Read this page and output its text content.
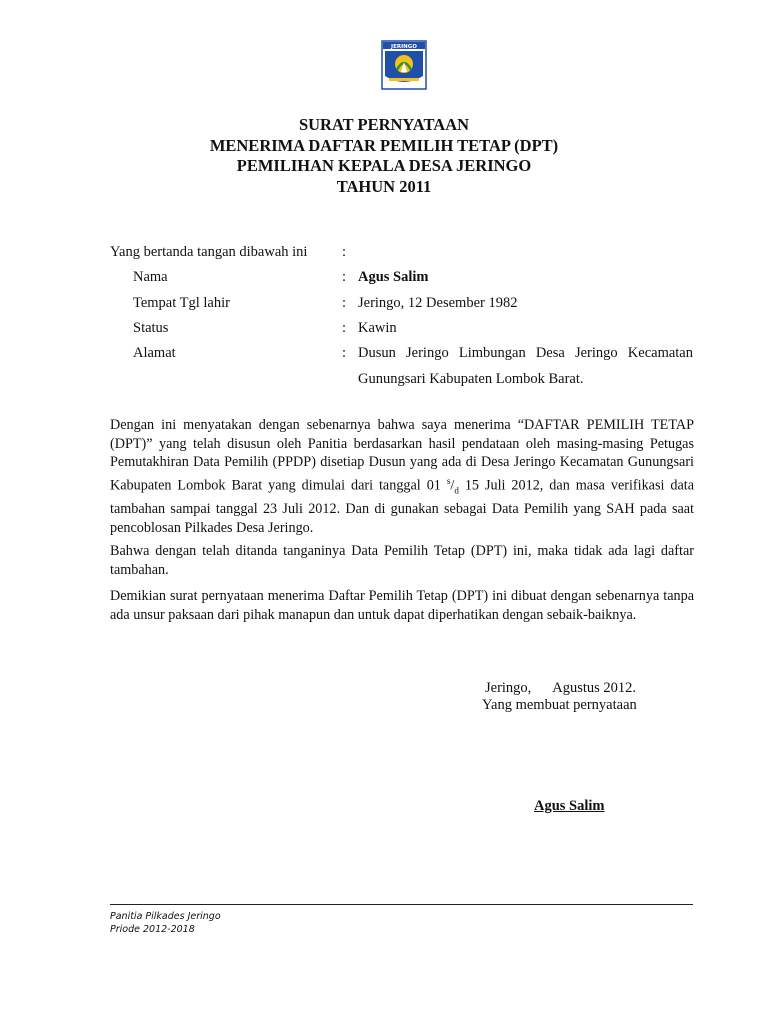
JERINGO
SURAT PERNYATAAN
MENERIMA DAFTAR PEMILIH TETAP (DPT)
PEMILIHAN KEPALA DESA JERINGO
TAHUN 2011
Yang bertanda tangan dibawah ini :
Nama	: Agus Salim
Tempat Tgl lahir	: Jeringo, 12 Desember 1982
Status	: Kawin
Alamat	: Dusun Jeringo Limbungan Desa Jeringo Kecamatan
Gunungsari Kabupaten Lombok Barat.
Dengan ini menyatakan dengan sebenarnya bahwa saya menerima “DAFTAR PEMILIH TETAP (DPT)” yang telah disusun oleh Panitia berdasarkan hasil pendataan oleh masing-masing Petugas Pemutakhiran Data Pemilih (PPDP) disetiap Dusun yang ada di Desa Jeringo Kecamatan Gunungsari Kabupaten Lombok Barat yang dimulai dari tanggal 01 $^s/_d$ 15 Juli 2012, dan masa verifikasi data tambahan sampai tanggal 23 Juli 2012. Dan di gunakan sebagai Data Pemilih yang SAH pada saat pencoblosan Pilkades Desa Jeringo.
Bahwa dengan telah ditanda tanganinya Data Pemilih Tetap (DPT) ini, maka tidak ada lagi daftar tambahan.
Demikian surat pernyataan menerima Daftar Pemilih Tetap (DPT) ini dibuat dengan sebenarnya tanpa ada unsur paksaan dari pihak manapun dan untuk dapat diperhatikan dengan sebaik-baiknya.
Jeringo,      Agustus 2012.
Yang membuat pernyataan
Agus Salim
Panitia Pilkades Jeringo
Priode 2012-2018
